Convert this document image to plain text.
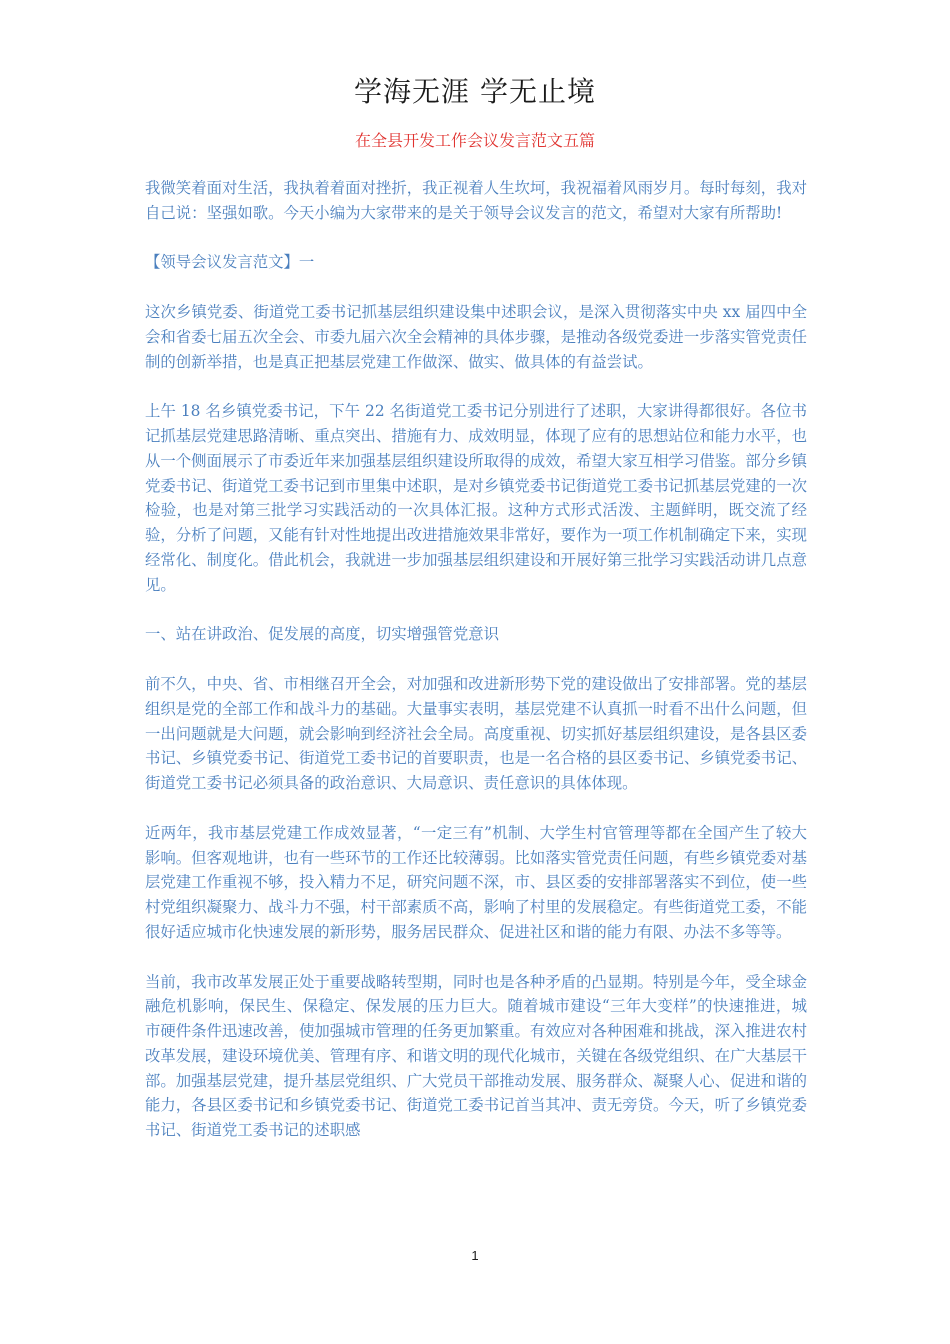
学海无涯 学无止境
在全县开发工作会议发言范文五篇

我微笑着面对生活，我执着着面对挫折，我正视着人生坎坷，我祝福着风雨岁月。每时每刻，我对自己说：坚强如歌。今天小编为大家带来的是关于领导会议发言的范文，希望对大家有所帮助!

【领导会议发言范文】一

这次乡镇党委、街道党工委书记抓基层组织建设集中述职会议，是深入贯彻落实中央 xx 届四中全会和省委七届五次全会、市委九届六次全会精神的具体步骤，是推动各级党委进一步落实管党责任制的创新举措，也是真正把基层党建工作做深、做实、做具体的有益尝试。

上午 18 名乡镇党委书记，下午 22 名街道党工委书记分别进行了述职，大家讲得都很好。各位书记抓基层党建思路清晰、重点突出、措施有力、成效明显，体现了应有的思想站位和能力水平，也从一个侧面展示了市委近年来加强基层组织建设所取得的成效，希望大家互相学习借鉴。部分乡镇党委书记、街道党工委书记到市里集中述职，是对乡镇党委书记街道党工委书记抓基层党建的一次检验，也是对第三批学习实践活动的一次具体汇报。这种方式形式活泼、主题鲜明，既交流了经验，分析了问题，又能有针对性地提出改进措施效果非常好，要作为一项工作机制确定下来，实现经常化、制度化。借此机会，我就进一步加强基层组织建设和开展好第三批学习实践活动讲几点意见。

一、站在讲政治、促发展的高度，切实增强管党意识

前不久，中央、省、市相继召开全会，对加强和改进新形势下党的建设做出了安排部署。党的基层组织是党的全部工作和战斗力的基础。大量事实表明，基层党建不认真抓一时看不出什么问题，但一出问题就是大问题，就会影响到经济社会全局。高度重视、切实抓好基层组织建设，是各县区委书记、乡镇党委书记、街道党工委书记的首要职责，也是一名合格的县区委书记、乡镇党委书记、街道党工委书记必须具备的政治意识、大局意识、责任意识的具体体现。

近两年，我市基层党建工作成效显著，“一定三有”机制、大学生村官管理等都在全国产生了较大影响。但客观地讲，也有一些环节的工作还比较薄弱。比如落实管党责任问题，有些乡镇党委对基层党建工作重视不够，投入精力不足，研究问题不深，市、县区委的安排部署落实不到位，使一些村党组织凝聚力、战斗力不强，村干部素质不高，影响了村里的发展稳定。有些街道党工委，不能很好适应城市化快速发展的新形势，服务居民群众、促进社区和谐的能力有限、办法不多等等。

当前，我市改革发展正处于重要战略转型期，同时也是各种矛盾的凸显期。特别是今年，受全球金融危机影响，保民生、保稳定、保发展的压力巨大。随着城市建设“三年大变样”的快速推进，城市硬件条件迅速改善，使加强城市管理的任务更加繁重。有效应对各种困难和挑战，深入推进农村改革发展，建设环境优美、管理有序、和谐文明的现代化城市，关键在各级党组织、在广大基层干部。加强基层党建，提升基层党组织、广大党员干部推动发展、服务群众、凝聚人心、促进和谐的能力，各县区委书记和乡镇党委书记、街道党工委书记首当其冲、责无旁贷。今天，听了乡镇党委书记、街道党工委书记的述职感

1
